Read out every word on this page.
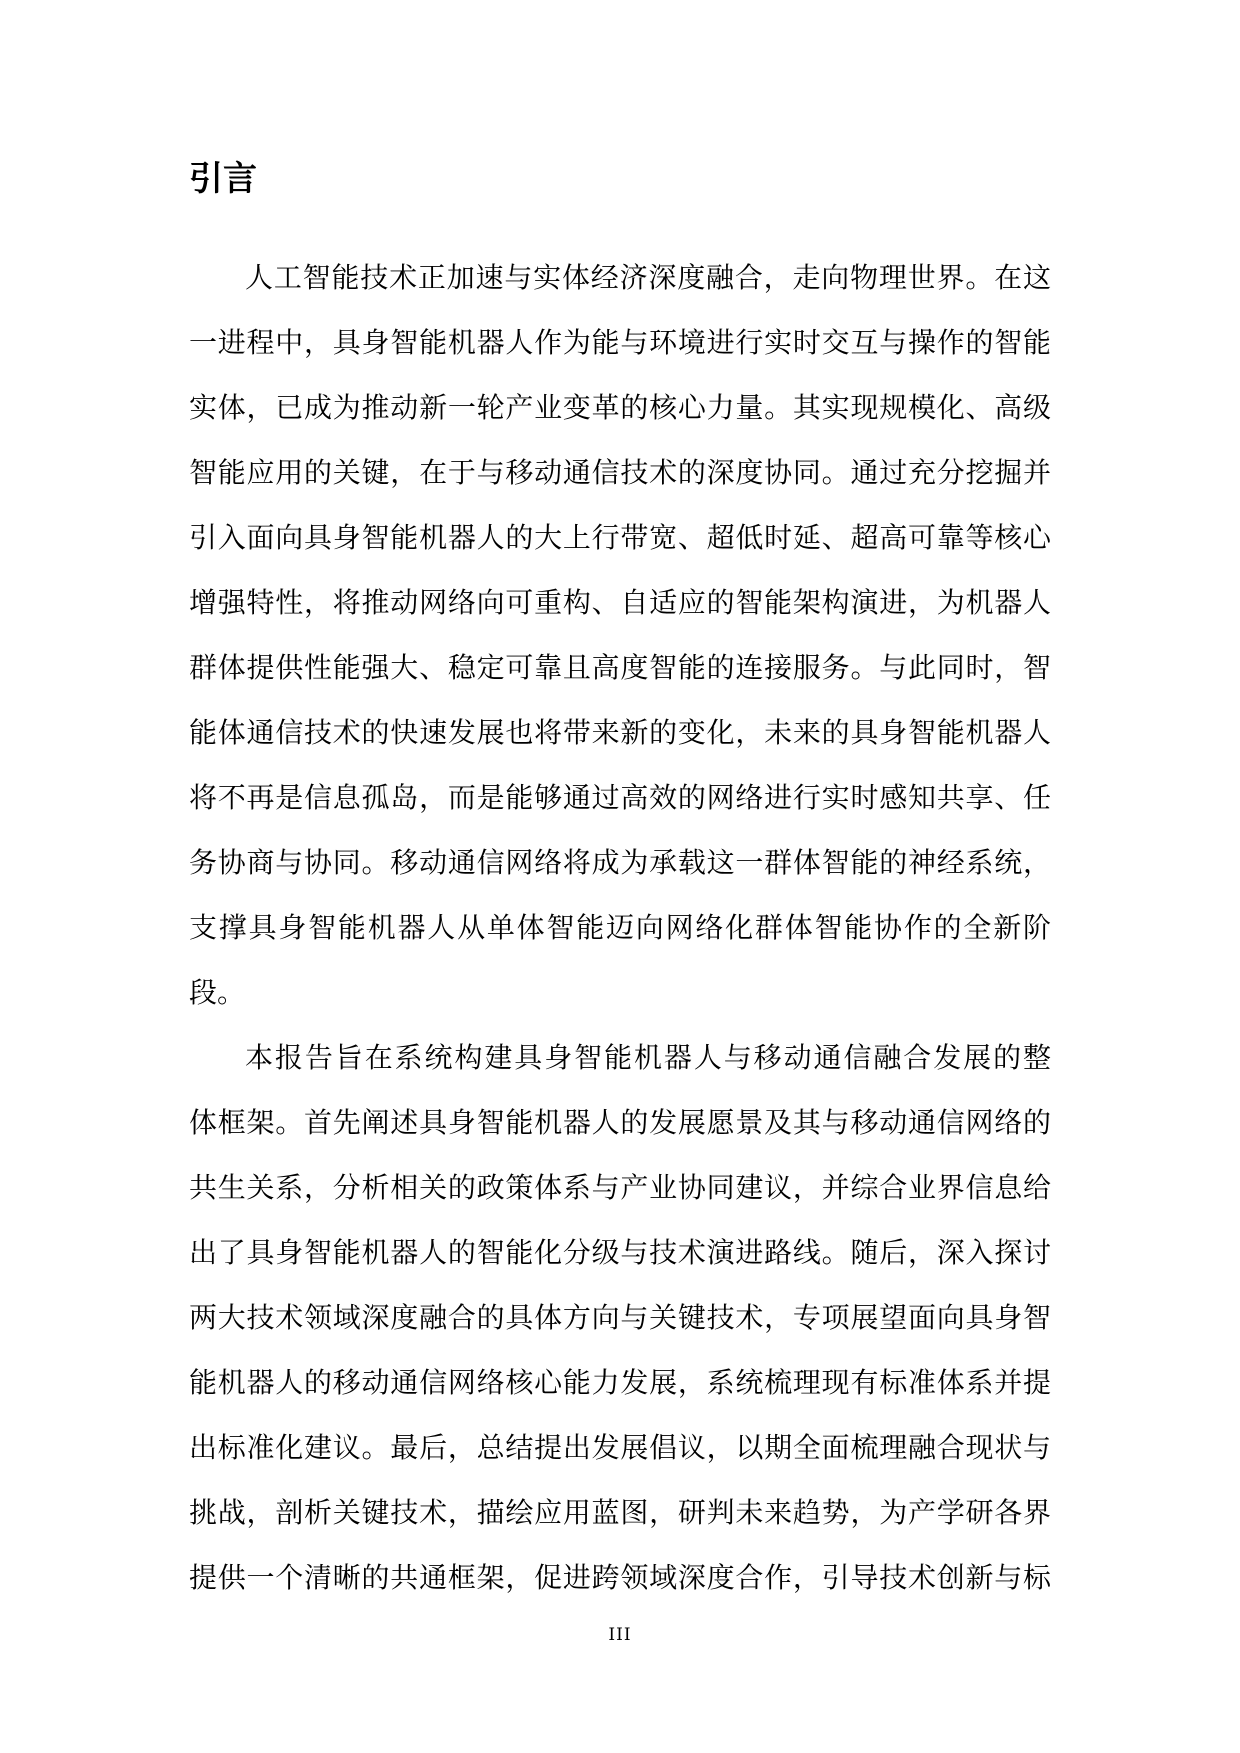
引言

人工智能技术正加速与实体经济深度融合，走向物理世界。在这

一进程中，具身智能机器人作为能与环境进行实时交互与操作的智能

实体，已成为推动新一轮产业变革的核心力量。其实现规模化、高级

智能应用的关键，在于与移动通信技术的深度协同。通过充分挖掘并

引入面向具身智能机器人的大上行带宽、超低时延、超高可靠等核心

增强特性，将推动网络向可重构、自适应的智能架构演进，为机器人

群体提供性能强大、稳定可靠且高度智能的连接服务。与此同时，智

能体通信技术的快速发展也将带来新的变化，未来的具身智能机器人

将不再是信息孤岛，而是能够通过高效的网络进行实时感知共享、任

务协商与协同。移动通信网络将成为承载这一群体智能的神经系统，

支撑具身智能机器人从单体智能迈向网络化群体智能协作的全新阶

段。

本报告旨在系统构建具身智能机器人与移动通信融合发展的整

体框架。首先阐述具身智能机器人的发展愿景及其与移动通信网络的

共生关系，分析相关的政策体系与产业协同建议，并综合业界信息给

出了具身智能机器人的智能化分级与技术演进路线。随后，深入探讨

两大技术领域深度融合的具体方向与关键技术，专项展望面向具身智

能机器人的移动通信网络核心能力发展，系统梳理现有标准体系并提

出标准化建议。最后，总结提出发展倡议，以期全面梳理融合现状与

挑战，剖析关键技术，描绘应用蓝图，研判未来趋势，为产学研各界

提供一个清晰的共通框架，促进跨领域深度合作，引导技术创新与标

III
